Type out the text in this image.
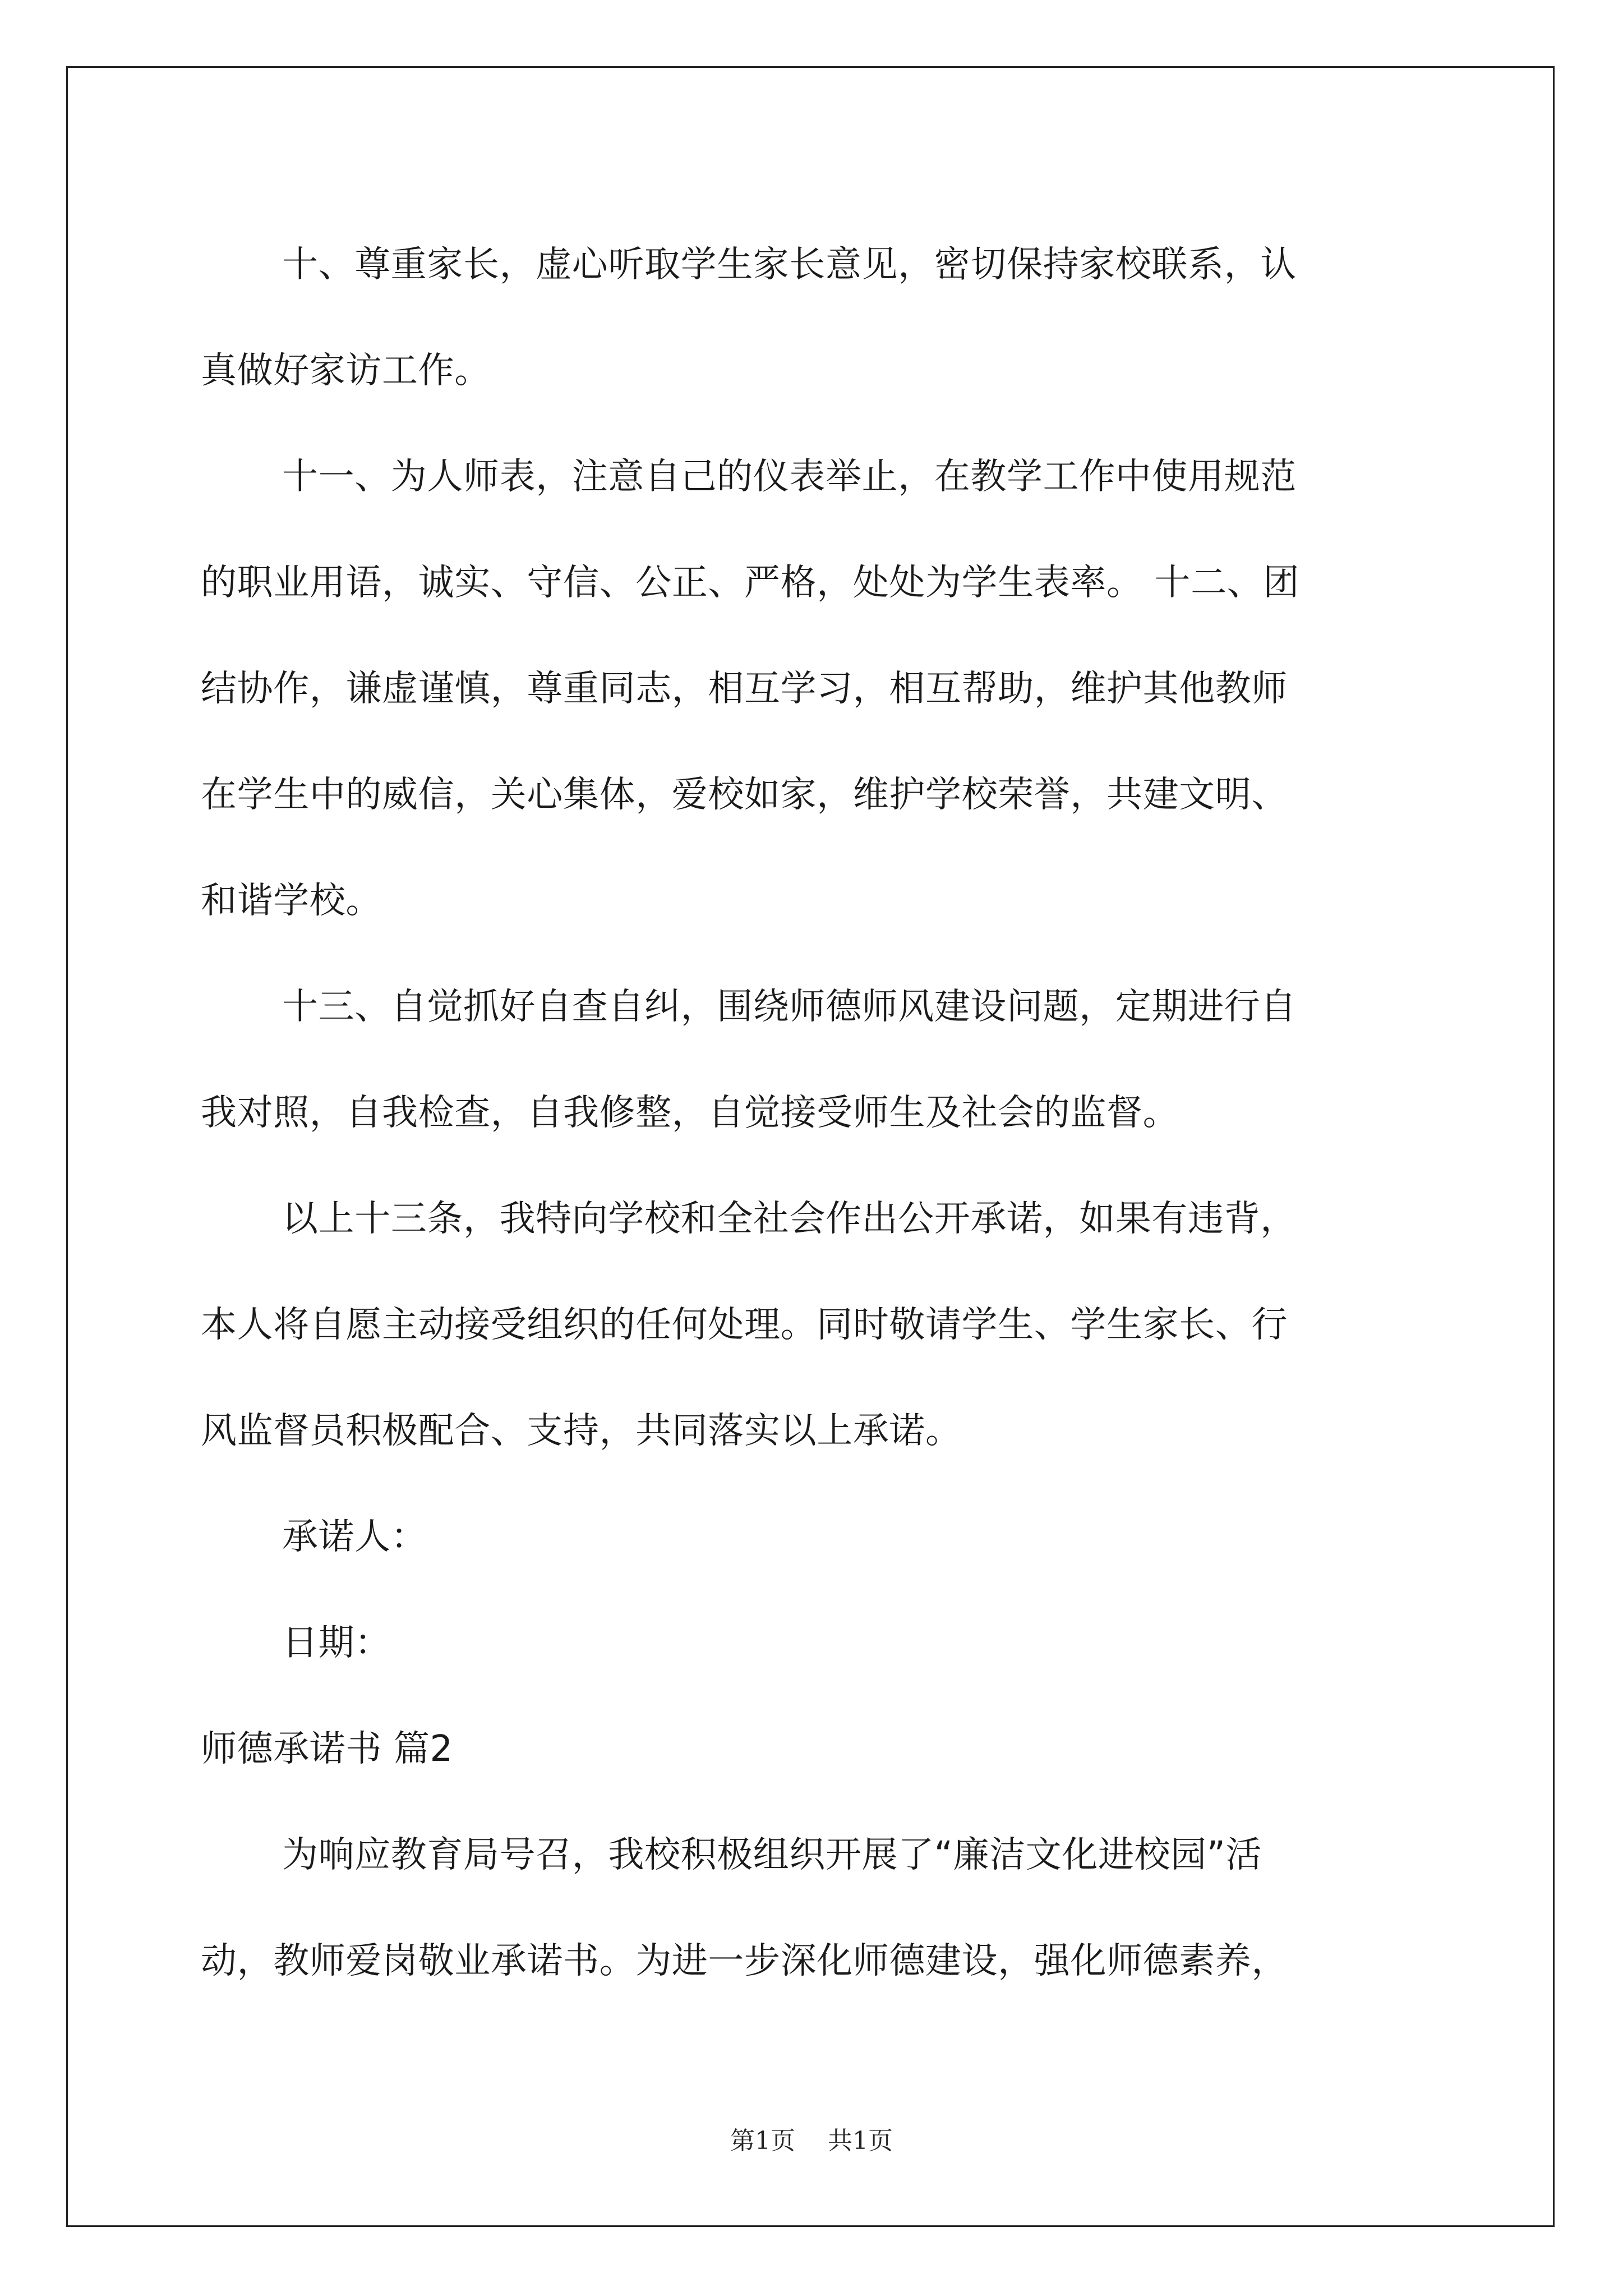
十、尊重家长，虚心听取学生家长意见，密切保持家校联系，认
真做好家访工作。
十一、为人师表，注意自己的仪表举止，在教学工作中使用规范
的职业用语，诚实、守信、公正、严格，处处为学生表率。 十二、团
结协作，谦虚谨慎，尊重同志，相互学习，相互帮助，维护其他教师
在学生中的威信，关心集体，爱校如家，维护学校荣誉，共建文明、
和谐学校。
十三、自觉抓好自查自纠，围绕师德师风建设问题，定期进行自
我对照，自我检查，自我修整，自觉接受师生及社会的监督。
以上十三条，我特向学校和全社会作出公开承诺，如果有违背，
本人将自愿主动接受组织的任何处理。同时敬请学生、学生家长、行
风监督员积极配合、支持，共同落实以上承诺。
承诺人：
日期：
师德承诺书 篇2
为响应教育局号召，我校积极组织开展了“廉洁文化进校园”活
动，教师爱岗敬业承诺书。为进一步深化师德建设，强化师德素养，
第1页 共1页
